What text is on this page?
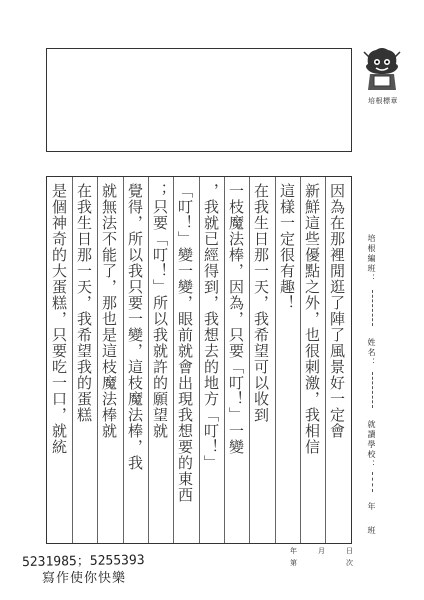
培根標章
因為在那裡閒逛了陣了風景好一定會
新鮮這些優點之外，也很刺激，我相信
這樣一定很有趣！
在我生日那一天，我希望可以收到
一枝魔法棒，因為，只要「叮！」一變
，我就已經得到，我想去的地方「叮！」
「叮！」變一變，眼前就會出現我想要的東西
；只要「叮！」所以我就許的願望就
覺得，所以我只要一變，這枝魔法棒，我
就無法不能了，那也是這枝魔法棒就
在我生日那一天，我希望我的蛋糕
是個神奇的大蛋糕，只要吃一口，就統	培根編班：
姓名：
就讀學校：
年
班
年
第
月	日
次
5231985；5255393
寫作使你快樂
